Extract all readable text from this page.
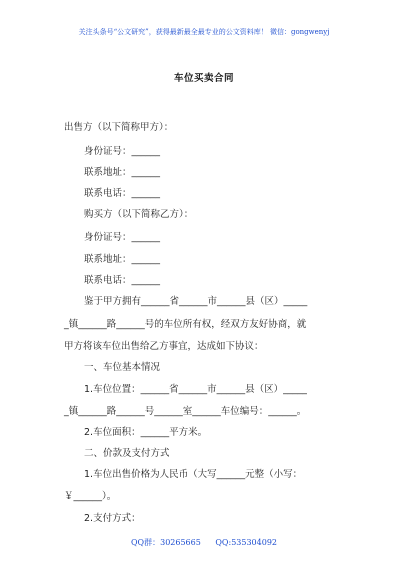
关注头条号“公文研究”，获得最新最全最专业的公文资料库！ 微信：gongwenyj
车位买卖合同
出售方（以下简称甲方）：
身份证号：______
联系地址：______
联系电话：______
购买方（以下简称乙方）：
身份证号：______
联系地址：______
联系电话：______
鉴于甲方拥有______省______市______县（区）_____
_镇______路______号的车位所有权，经双方友好协商，就
甲方将该车位出售给乙方事宜，达成如下协议：
一、车位基本情况
1.车位位置：______省______市______县（区）_____
_镇______路______号______室______车位编号：______。
2.车位面积：______平方米。
二、价款及支付方式
1.车位出售价格为人民币（大写______元整（小写：
￥______）。
2.支付方式：
QQ群：30265665 QQ:535304092
